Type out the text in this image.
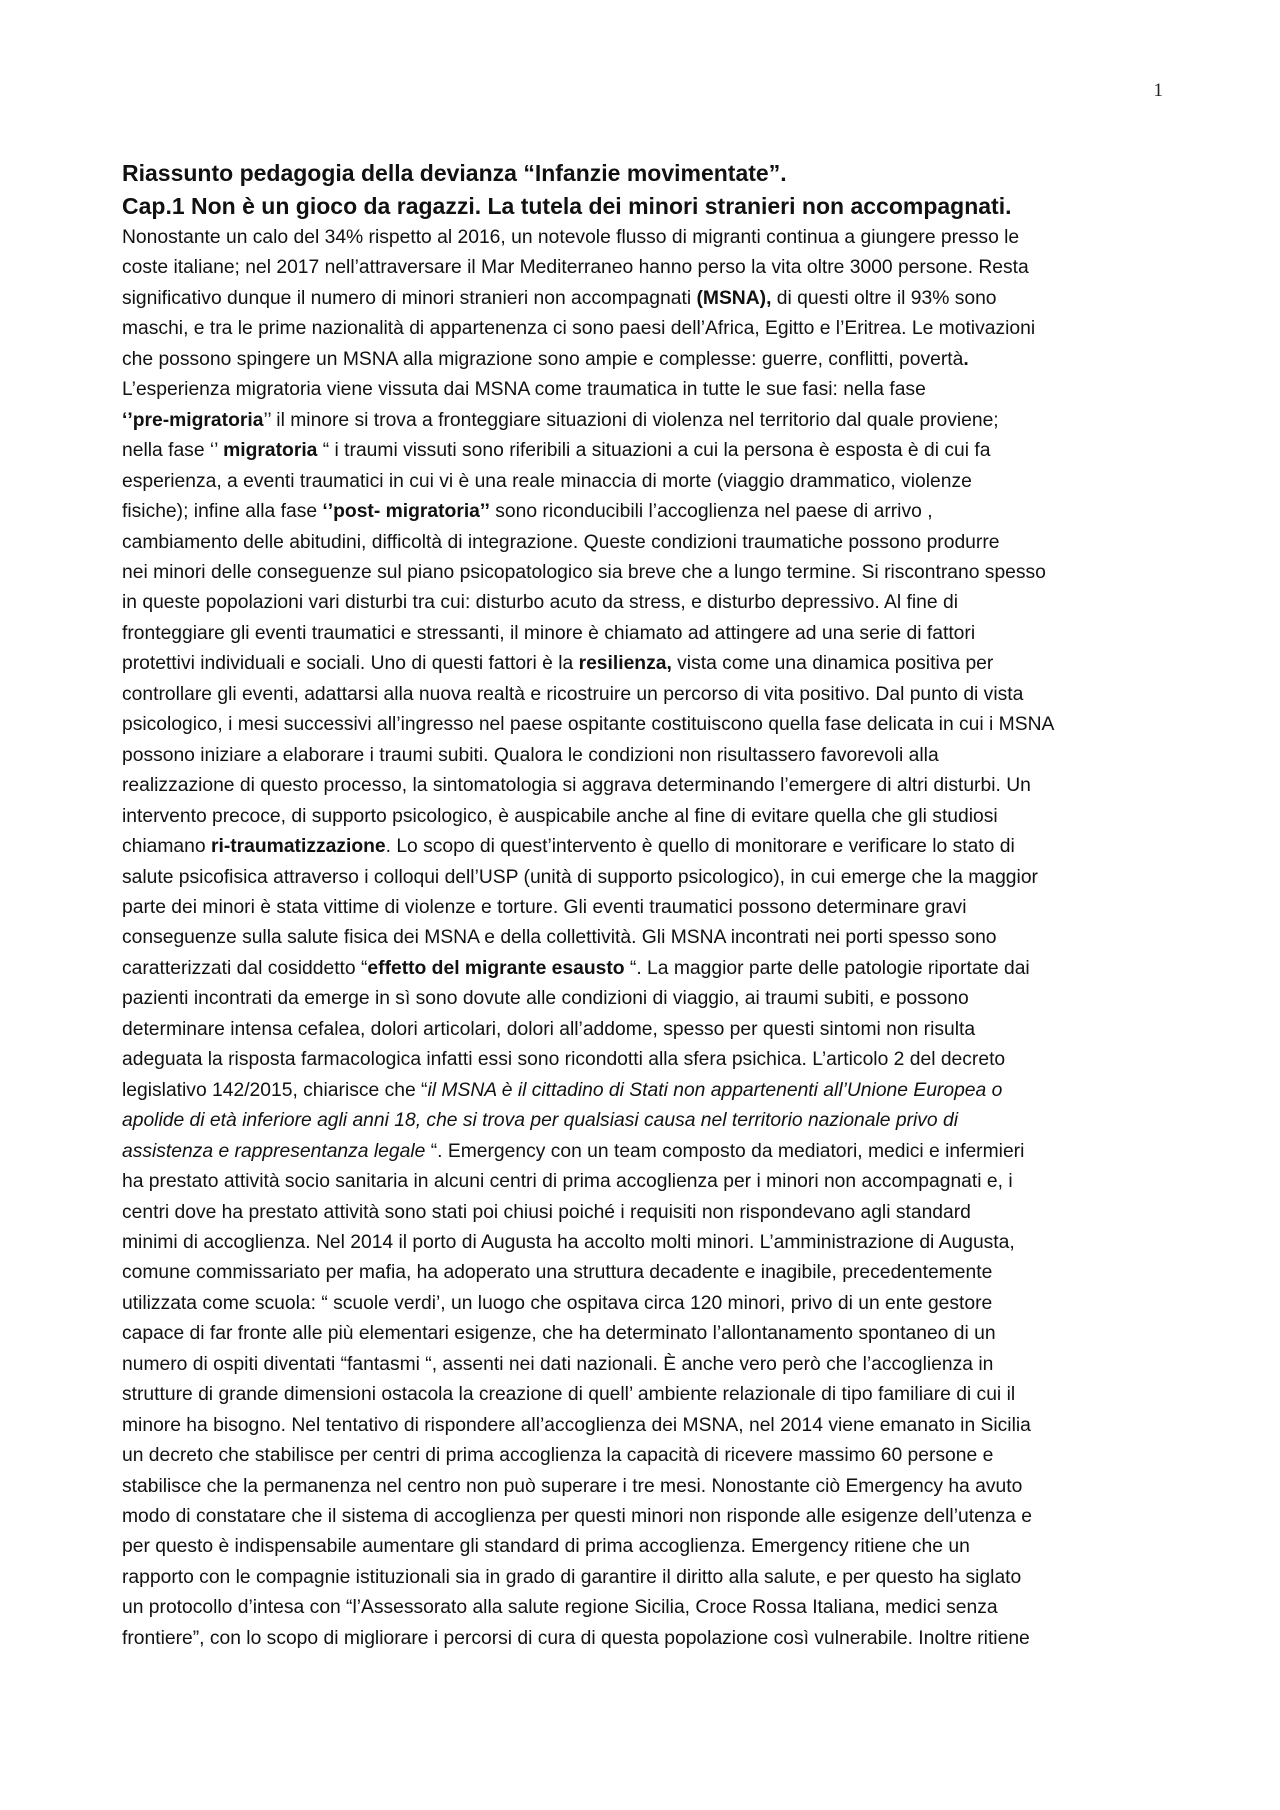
1
Riassunto pedagogia della devianza “Infanzie movimentate”.
Cap.1 Non è un gioco da ragazzi. La tutela dei minori stranieri non accompagnati.

Nonostante un calo del 34% rispetto al 2016, un notevole flusso di migranti continua a giungere presso le

coste italiane; nel 2017 nell’attraversare il Mar Mediterraneo hanno perso la vita oltre 3000 persone. Resta

significativo dunque il numero di minori stranieri non accompagnati (MSNA), di questi oltre il 93% sono

maschi, e tra le prime nazionalità di appartenenza ci sono paesi dell’Africa, Egitto e l’Eritrea. Le motivazioni

che possono spingere un MSNA alla migrazione sono ampie e complesse: guerre, conflitti, povertà.

L’esperienza migratoria viene vissuta dai MSNA come traumatica in tutte le sue fasi: nella fase

‘’pre-migratoria’’ il minore si trova a fronteggiare situazioni di violenza nel territorio dal quale proviene;

nella fase ‘’ migratoria “ i traumi vissuti sono riferibili a situazioni a cui la persona è esposta è di cui fa

esperienza, a eventi traumatici in cui vi è una reale minaccia di morte (viaggio drammatico, violenze

fisiche); infine alla fase ‘’post- migratoria’’ sono riconducibili l’accoglienza nel paese di arrivo ,

cambiamento delle abitudini, difficoltà di integrazione. Queste condizioni traumatiche possono produrre

nei minori delle conseguenze sul piano psicopatologico sia breve che a lungo termine. Si riscontrano spesso

in queste popolazioni vari disturbi tra cui: disturbo acuto da stress, e disturbo depressivo. Al fine di

fronteggiare gli eventi traumatici e stressanti, il minore è chiamato ad attingere ad una serie di fattori

protettivi individuali e sociali. Uno di questi fattori è la resilienza, vista come una dinamica positiva per

controllare gli eventi, adattarsi alla nuova realtà e ricostruire un percorso di vita positivo. Dal punto di vista

psicologico, i mesi successivi all’ingresso nel paese ospitante costituiscono quella fase delicata in cui i MSNA

possono iniziare a elaborare i traumi subiti. Qualora le condizioni non risultassero favorevoli alla

realizzazione di questo processo, la sintomatologia si aggrava determinando l’emergere di altri disturbi. Un

intervento precoce, di supporto psicologico, è auspicabile anche al fine di evitare quella che gli studiosi

chiamano ri-traumatizzazione. Lo scopo di quest’intervento è quello di monitorare e verificare lo stato di

salute psicofisica attraverso i colloqui dell’USP (unità di supporto psicologico), in cui emerge che la maggior

parte dei minori è stata vittime di violenze e torture. Gli eventi traumatici possono determinare gravi

conseguenze sulla salute fisica dei MSNA e della collettività. Gli MSNA incontrati nei porti spesso sono

caratterizzati dal cosiddetto “effetto del migrante esausto “. La maggior parte delle patologie riportate dai

pazienti incontrati da emerge in sì sono dovute alle condizioni di viaggio, ai traumi subiti, e possono

determinare intensa cefalea, dolori articolari, dolori all’addome, spesso per questi sintomi non risulta

adeguata la risposta farmacologica infatti essi sono ricondotti alla sfera psichica. L’articolo 2 del decreto

legislativo 142/2015, chiarisce che “il MSNA è il cittadino di Stati non appartenenti all’Unione Europea o

apolide di età inferiore agli anni 18, che si trova per qualsiasi causa nel territorio nazionale privo di

assistenza e rappresentanza legale “. Emergency con un team composto da mediatori, medici e infermieri

ha prestato attività socio sanitaria in alcuni centri di prima accoglienza per i minori non accompagnati e, i

centri dove ha prestato attività sono stati poi chiusi poiché i requisiti non rispondevano agli standard

minimi di accoglienza. Nel 2014 il porto di Augusta ha accolto molti minori. L’amministrazione di Augusta,

comune commissariato per mafia, ha adoperato una struttura decadente e inagibile, precedentemente

utilizzata come scuola: “ scuole verdi’, un luogo che ospitava circa 120 minori, privo di un ente gestore

capace di far fronte alle più elementari esigenze, che ha determinato l’allontanamento spontaneo di un

numero di ospiti diventati “fantasmi “, assenti nei dati nazionali. È anche vero però che l’accoglienza in

strutture di grande dimensioni ostacola la creazione di quell’ ambiente relazionale di tipo familiare di cui il

minore ha bisogno. Nel tentativo di rispondere all’accoglienza dei MSNA, nel 2014 viene emanato in Sicilia

un decreto che stabilisce per centri di prima accoglienza la capacità di ricevere massimo 60 persone e

stabilisce che la permanenza nel centro non può superare i tre mesi. Nonostante ciò Emergency ha avuto

modo di constatare che il sistema di accoglienza per questi minori non risponde alle esigenze dell’utenza e

per questo è indispensabile aumentare gli standard di prima accoglienza. Emergency ritiene che un

rapporto con le compagnie istituzionali sia in grado di garantire il diritto alla salute, e per questo ha siglato

un protocollo d’intesa con “l’Assessorato alla salute regione Sicilia, Croce Rossa Italiana, medici senza

frontiere”, con lo scopo di migliorare i percorsi di cura di questa popolazione così vulnerabile. Inoltre ritiene
